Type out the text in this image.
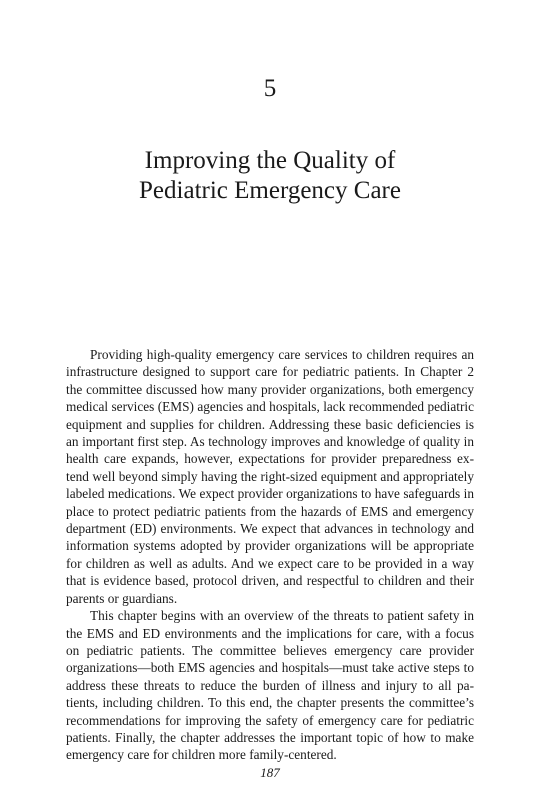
5
Improving the Quality of
Pediatric Emergency Care

Providing high-quality emergency care services to children requires an infrastructure designed to support care for pediatric patients. In Chapter 2 the committee discussed how many provider organizations, both emergency medical services (EMS) agencies and hospitals, lack recommended pediatric equipment and supplies for children. Addressing these basic deficiencies is an important first step. As technology improves and knowledge of quality in health care expands, however, expectations for provider preparedness extend well beyond simply having the right-sized equipment and appropriately labeled medications. We expect provider organizations to have safeguards in place to protect pediatric patients from the hazards of EMS and emergency department (ED) environments. We expect that advances in technology and information systems adopted by provider organizations will be appropriate for children as well as adults. And we expect care to be provided in a way that is evidence based, protocol driven, and respectful to children and their parents or guardians.

This chapter begins with an overview of the threats to patient safety in the EMS and ED environments and the implications for care, with a focus on pediatric patients. The committee believes emergency care provider organizations—both EMS agencies and hospitals—must take active steps to address these threats to reduce the burden of illness and injury to all patients, including children. To this end, the chapter presents the committee’s recommendations for improving the safety of emergency care for pediatric patients. Finally, the chapter addresses the important topic of how to make emergency care for children more family-centered.

187
